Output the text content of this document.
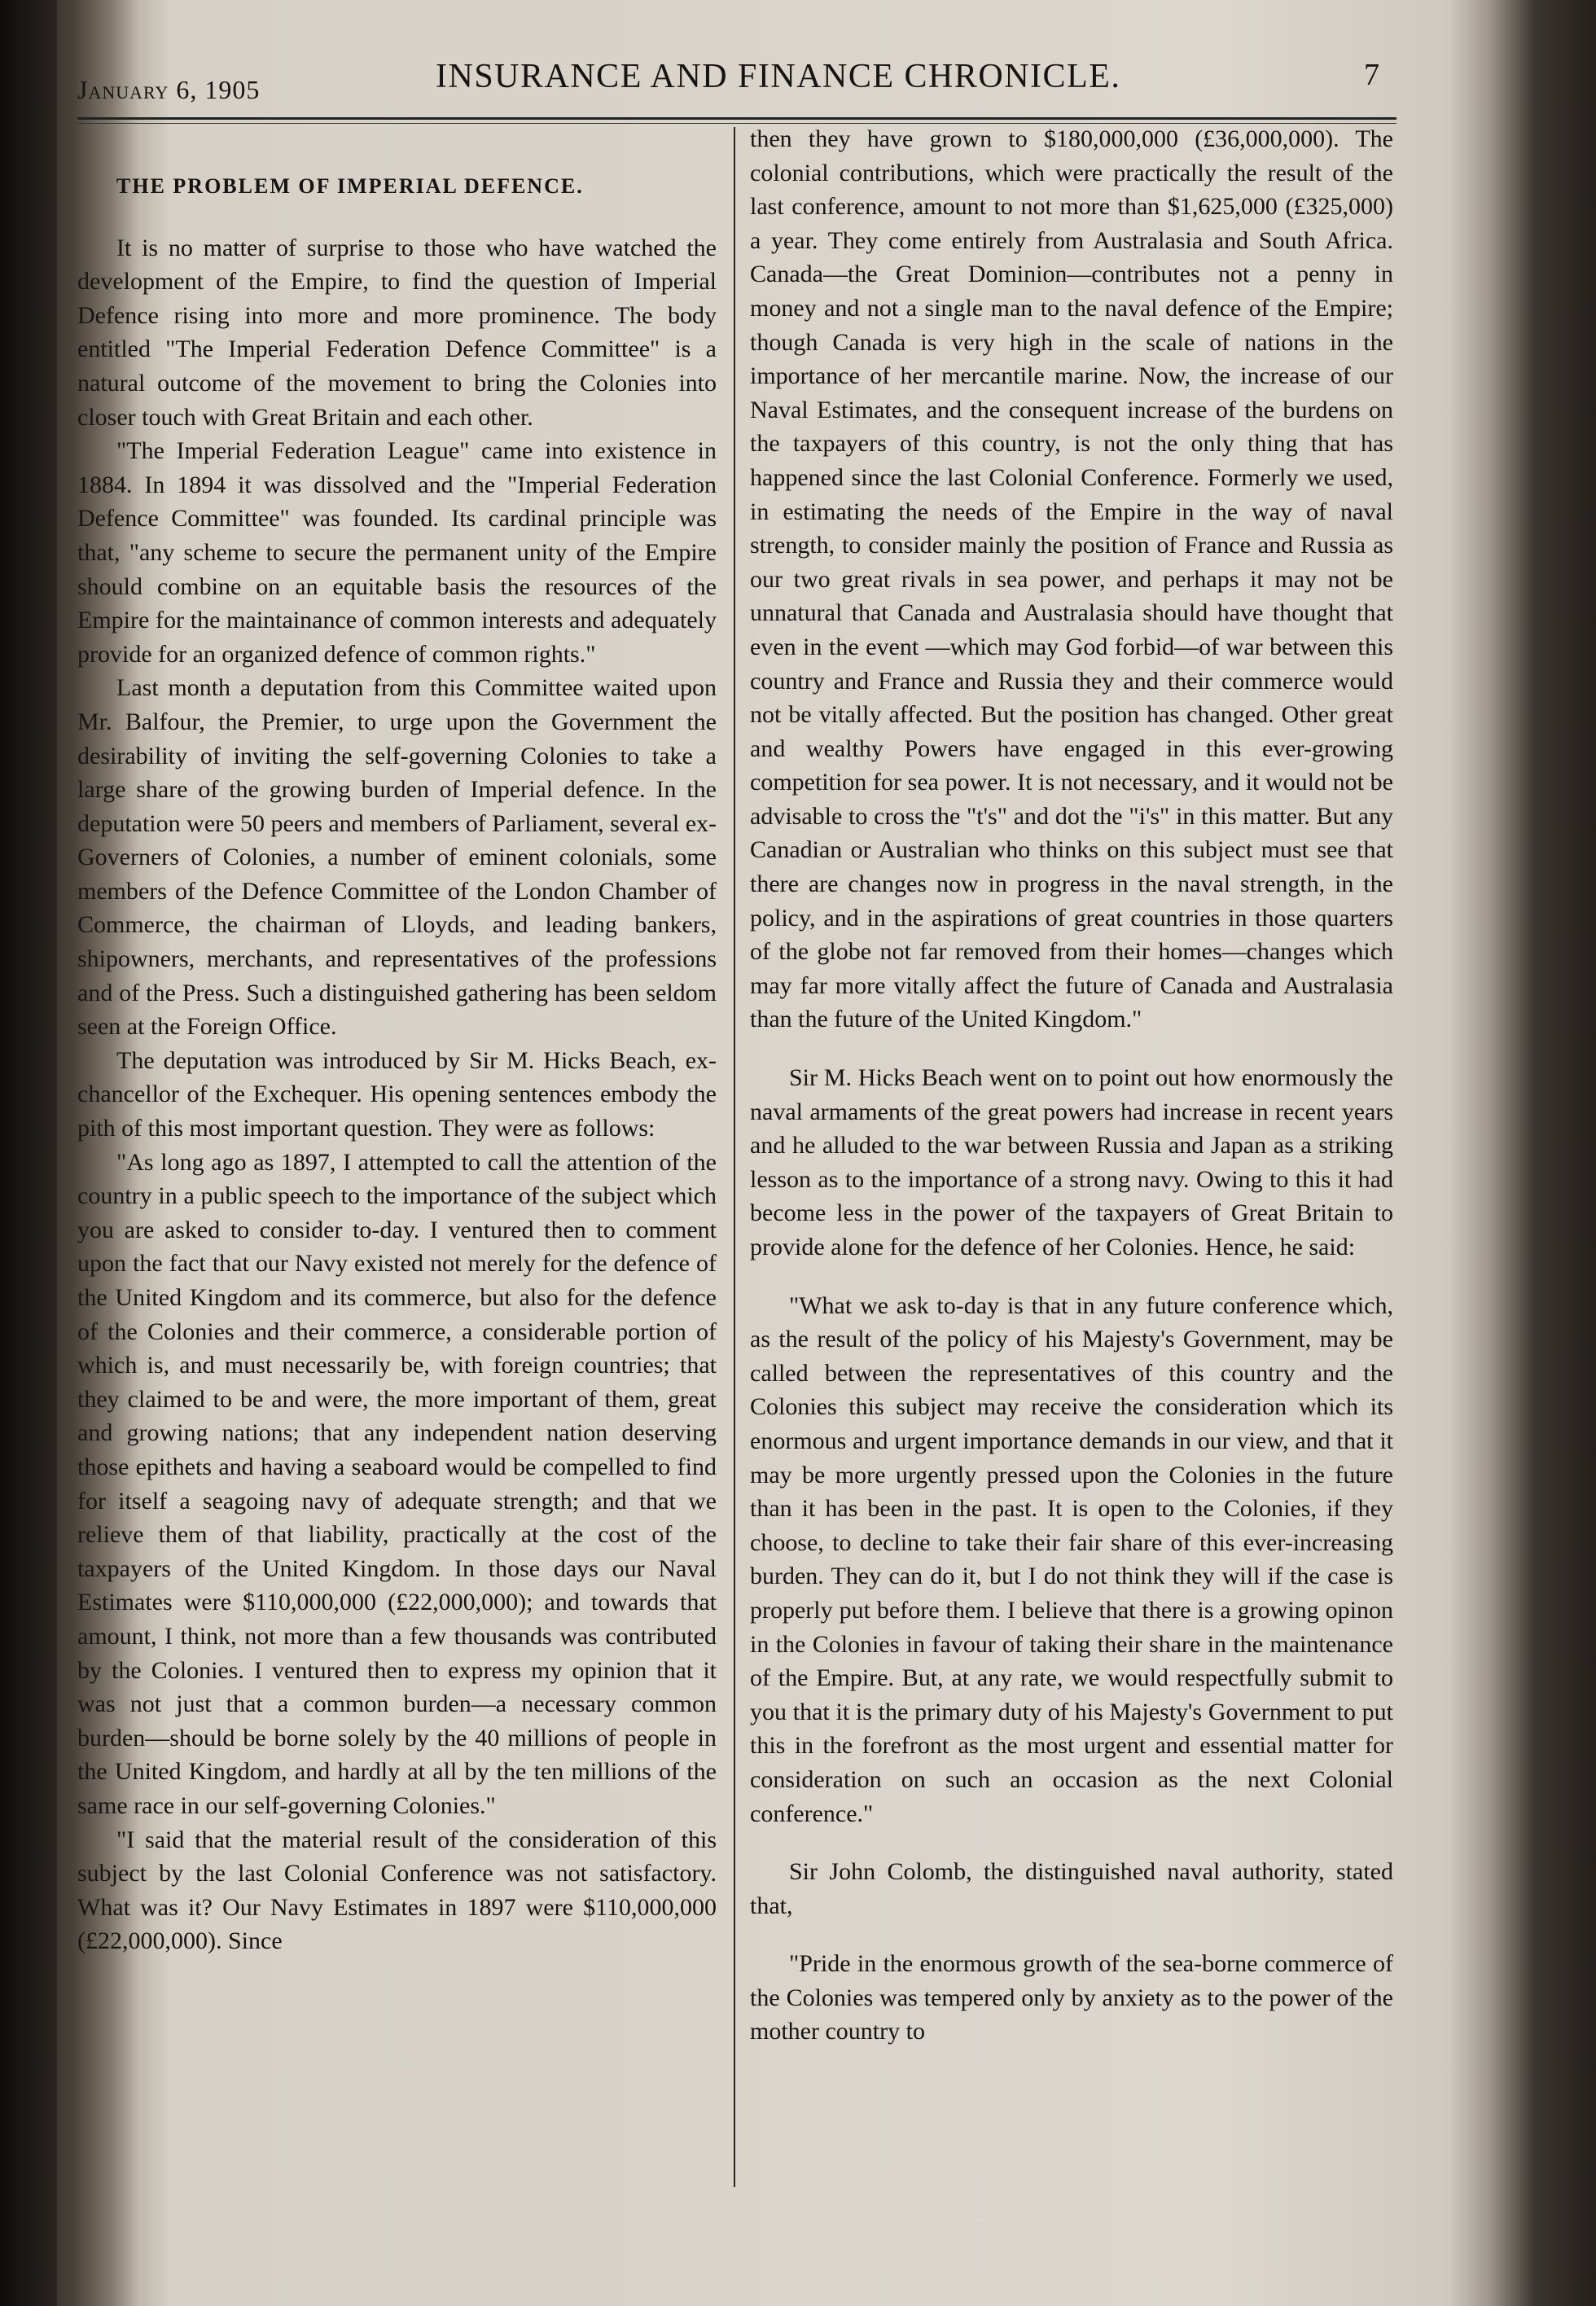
January 6, 1905	INSURANCE AND FINANCE CHRONICLE.	7
THE PROBLEM OF IMPERIAL DEFENCE.

It is no matter of surprise to those who have watched the development of the Empire, to find the question of Imperial Defence rising into more and more prominence. The body entitled "The Imperial Federation Defence Committee" is a natural outcome of the movement to bring the Colonies into closer touch with Great Britain and each other.

"The Imperial Federation League" came into existence in 1884. In 1894 it was dissolved and the "Imperial Federation Defence Committee" was founded. Its cardinal principle was that, "any scheme to secure the permanent unity of the Empire should combine on an equitable basis the resources of the Empire for the maintainance of common interests and adequately provide for an organized defence of common rights."

Last month a deputation from this Committee waited upon Mr. Balfour, the Premier, to urge upon the Government the desirability of inviting the self-governing Colonies to take a large share of the growing burden of Imperial defence. In the deputation were 50 peers and members of Parliament, several ex-Governers of Colonies, a number of eminent colonials, some members of the Defence Committee of the London Chamber of Commerce, the chairman of Lloyds, and leading bankers, shipowners, merchants, and representatives of the professions and of the Press. Such a distinguished gathering has been seldom seen at the Foreign Office.

The deputation was introduced by Sir M. Hicks Beach, ex-chancellor of the Exchequer. His opening sentences embody the pith of this most important question. They were as follows:

"As long ago as 1897, I attempted to call the attention of the country in a public speech to the importance of the subject which you are asked to consider to-day. I ventured then to comment upon the fact that our Navy existed not merely for the defence of the United Kingdom and its commerce, but also for the defence of the Colonies and their commerce, a considerable portion of which is, and must necessarily be, with foreign countries; that they claimed to be and were, the more important of them, great and growing nations; that any independent nation deserving those epithets and having a seaboard would be compelled to find for itself a seagoing navy of adequate strength; and that we relieve them of that liability, practically at the cost of the taxpayers of the United Kingdom. In those days our Naval Estimates were $110,000,000 (£22,000,000); and towards that amount, I think, not more than a few thousands was contributed by the Colonies. I ventured then to express my opinion that it was not just that a common burden—a necessary common burden—should be borne solely by the 40 millions of people in the United Kingdom, and hardly at all by the ten millions of the same race in our self-governing Colonies."

"I said that the material result of the consideration of this subject by the last Colonial Conference was not satisfactory. What was it? Our Navy Estimates in 1897 were $110,000,000 (£22,000,000). Since

then they have grown to $180,000,000 (£36,000,000). The colonial contributions, which were practically the result of the last conference, amount to not more than $1,625,000 (£325,000) a year. They come entirely from Australasia and South Africa. Canada—the Great Dominion—contributes not a penny in money and not a single man to the naval defence of the Empire; though Canada is very high in the scale of nations in the importance of her mercantile marine. Now, the increase of our Naval Estimates, and the consequent increase of the burdens on the taxpayers of this country, is not the only thing that has happened since the last Colonial Conference. Formerly we used, in estimating the needs of the Empire in the way of naval strength, to consider mainly the position of France and Russia as our two great rivals in sea power, and perhaps it may not be unnatural that Canada and Australasia should have thought that even in the event —which may God forbid—of war between this country and France and Russia they and their commerce would not be vitally affected. But the position has changed. Other great and wealthy Powers have engaged in this ever-growing competition for sea power. It is not necessary, and it would not be advisable to cross the "t's" and dot the "i's" in this matter. But any Canadian or Australian who thinks on this subject must see that there are changes now in progress in the naval strength, in the policy, and in the aspirations of great countries in those quarters of the globe not far removed from their homes—changes which may far more vitally affect the future of Canada and Australasia than the future of the United Kingdom."

Sir M. Hicks Beach went on to point out how enormously the naval armaments of the great powers had increase in recent years and he alluded to the war between Russia and Japan as a striking lesson as to the importance of a strong navy. Owing to this it had become less in the power of the taxpayers of Great Britain to provide alone for the defence of her Colonies. Hence, he said:

"What we ask to-day is that in any future conference which, as the result of the policy of his Majesty's Government, may be called between the representatives of this country and the Colonies this subject may receive the consideration which its enormous and urgent importance demands in our view, and that it may be more urgently pressed upon the Colonies in the future than it has been in the past. It is open to the Colonies, if they choose, to decline to take their fair share of this ever-increasing burden. They can do it, but I do not think they will if the case is properly put before them. I believe that there is a growing opinon in the Colonies in favour of taking their share in the maintenance of the Empire. But, at any rate, we would respectfully submit to you that it is the primary duty of his Majesty's Government to put this in the forefront as the most urgent and essential matter for consideration on such an occasion as the next Colonial conference."

Sir John Colomb, the distinguished naval authority, stated that,

"Pride in the enormous growth of the sea-borne commerce of the Colonies was tempered only by anxiety as to the power of the mother country to
